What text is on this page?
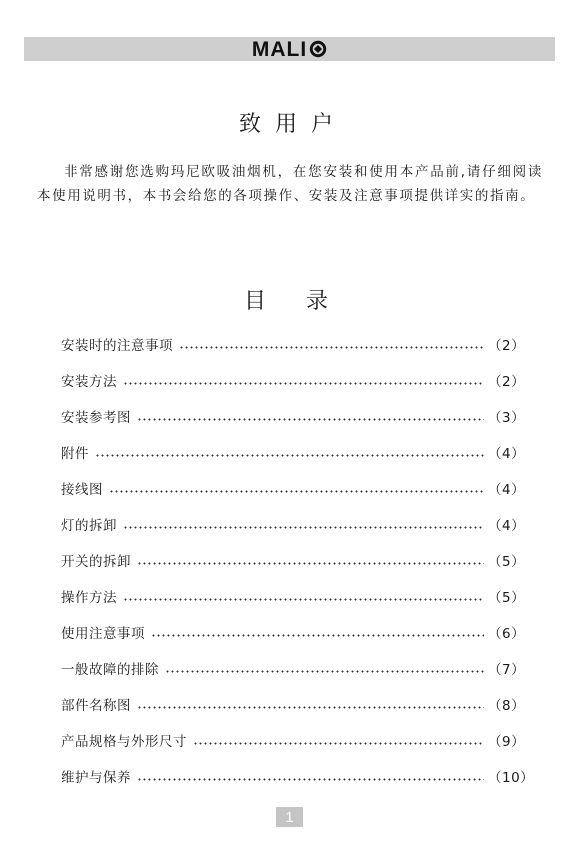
MALI
致用户
非常感谢您选购玛尼欧吸油烟机，在您安装和使用本产品前,请仔细阅读本使用说明书，本书会给您的各项操作、安装及注意事项提供详实的指南。
目录
安装时的注意事项	（2）
安装方法	（2）
安装参考图	（3）
附件	（4）
接线图	（4）
灯的拆卸	（4）
开关的拆卸	（5）
操作方法	（5）
使用注意事项	（6）
一般故障的排除	（7）
部件名称图	（8）
产品规格与外形尺寸	（9）
维护与保养	（10）
1
